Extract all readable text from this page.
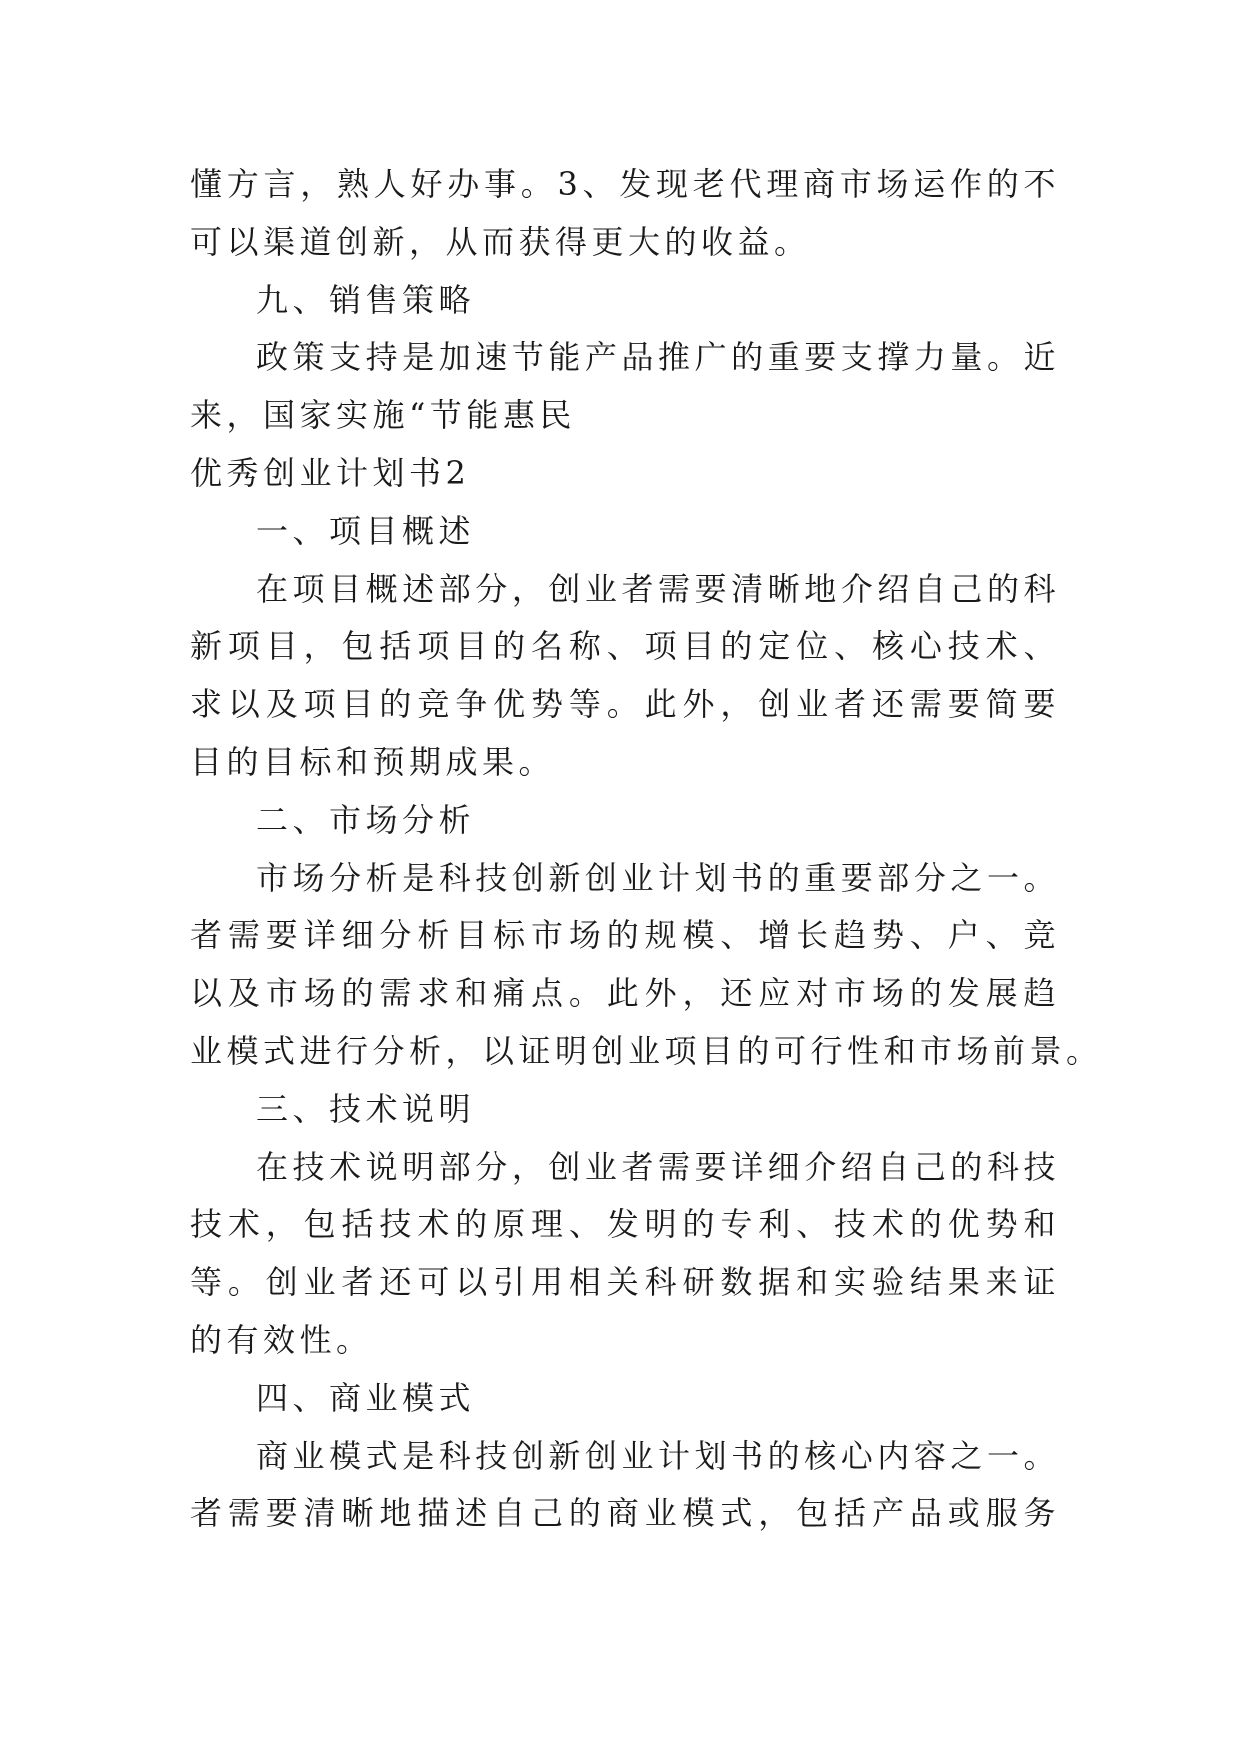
懂方言，熟人好办事。3、发现老代理商市场运作的不
可以渠道创新，从而获得更大的收益。
九、销售策略
政策支持是加速节能产品推广的重要支撑力量。近
来，国家实施“节能惠民
优秀创业计划书2
一、项目概述
在项目概述部分，创业者需要清晰地介绍自己的科
新项目，包括项目的名称、项目的定位、核心技术、
求以及项目的竞争优势等。此外，创业者还需要简要
目的目标和预期成果。
二、市场分析
市场分析是科技创新创业计划书的重要部分之一。
者需要详细分析目标市场的规模、增长趋势、户、竞
以及市场的需求和痛点。此外，还应对市场的发展趋
业模式进行分析，以证明创业项目的可行性和市场前景。
三、技术说明
在技术说明部分，创业者需要详细介绍自己的科技
技术，包括技术的原理、发明的专利、技术的优势和
等。创业者还可以引用相关科研数据和实验结果来证
的有效性。
四、商业模式
商业模式是科技创新创业计划书的核心内容之一。
者需要清晰地描述自己的商业模式，包括产品或服务
